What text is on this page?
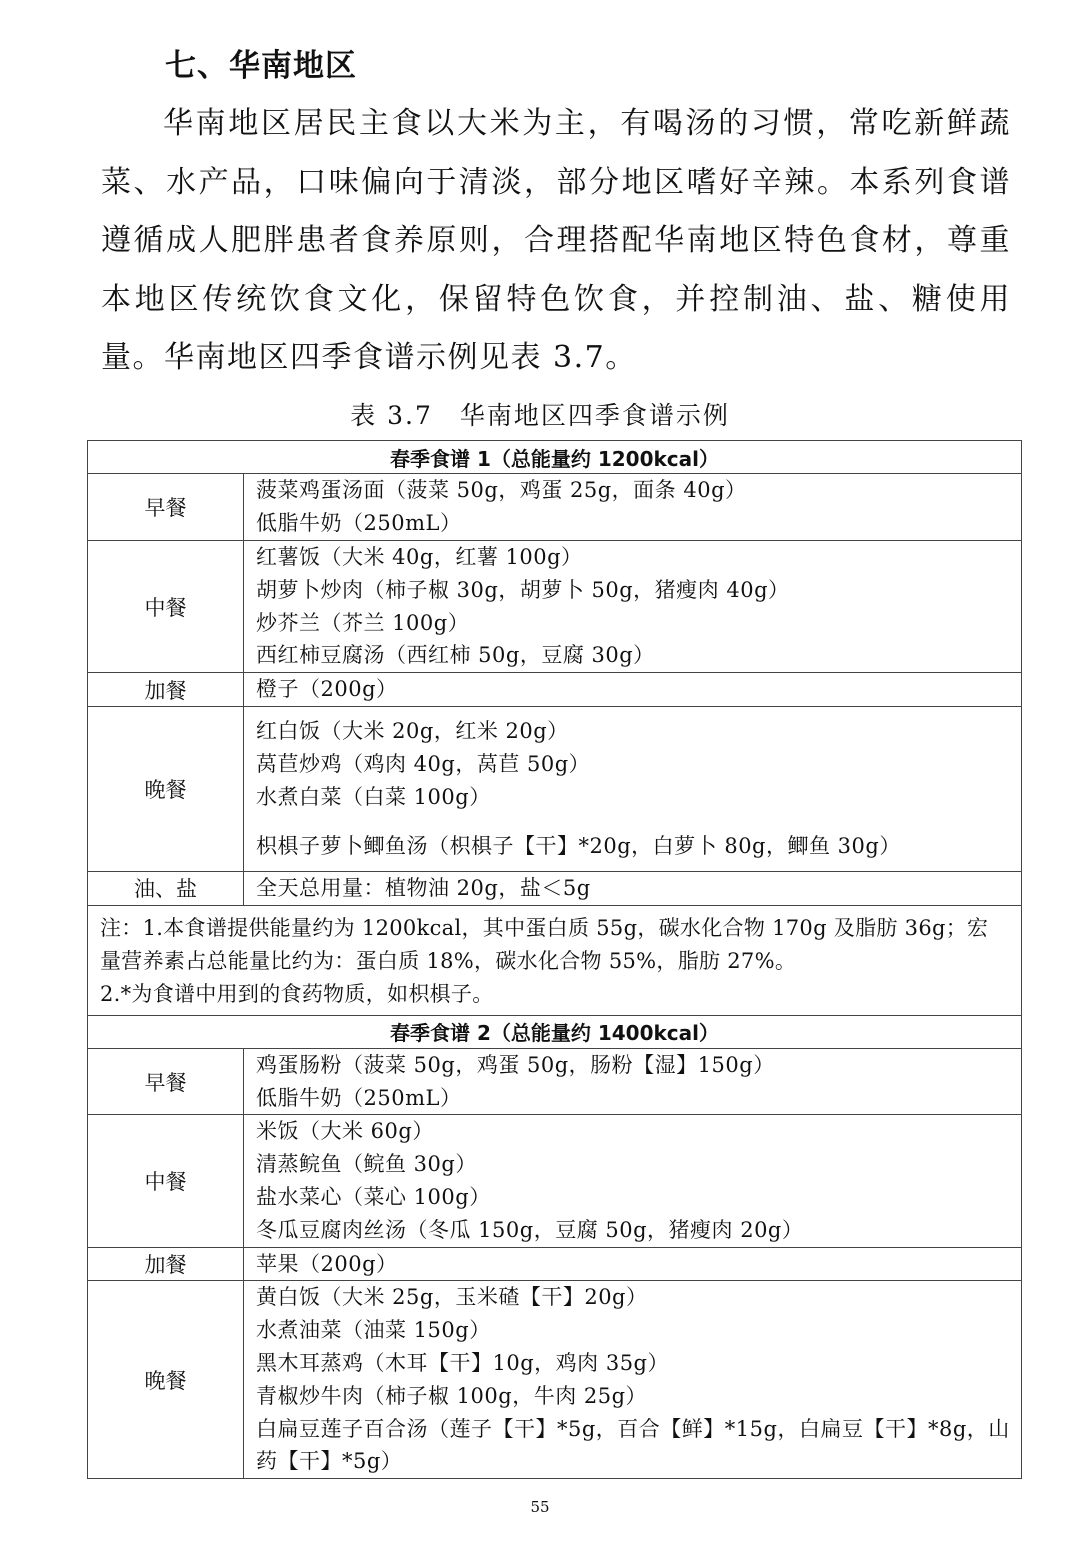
七、华南地区
华南地区居民主食以大米为主，有喝汤的习惯，常吃新鲜蔬菜、水产品，口味偏向于清淡，部分地区嗜好辛辣。本系列食谱遵循成人肥胖患者食养原则，合理搭配华南地区特色食材，尊重本地区传统饮食文化，保留特色饮食，并控制油、盐、糖使用量。华南地区四季食谱示例见表 3.7。
表 3.7　华南地区四季食谱示例
春季食谱 1（总能量约 1200kcal）	
早餐	菠菜鸡蛋汤面（菠菜 50g，鸡蛋 25g，面条 40g）
低脂牛奶（250mL）

中餐	红薯饭（大米 40g，红薯 100g）
胡萝卜炒肉（柿子椒 30g，胡萝卜 50g，猪瘦肉 40g）
炒芥兰（芥兰 100g）
西红柿豆腐汤（西红柿 50g，豆腐 30g）

加餐	橙子（200g）

晚餐	红白饭（大米 20g，红米 20g）
莴苣炒鸡（鸡肉 40g，莴苣 50g）
水煮白菜（白菜 100g）
枳椇子萝卜鲫鱼汤（枳椇子【干】*20g，白萝卜 80g，鲫鱼 30g）

油、盐	全天总用量：植物油 20g，盐＜5g

注：1.本食谱提供能量约为 1200kcal，其中蛋白质 55g，碳水化合物 170g 及脂肪 36g；宏量营养素占总能量比约为：蛋白质 18%，碳水化合物 55%，脂肪 27%。
2.*为食谱中用到的食药物质，如枳椇子。	

春季食谱 2（总能量约 1400kcal）	
早餐	鸡蛋肠粉（菠菜 50g，鸡蛋 50g，肠粉【湿】150g）
低脂牛奶（250mL）

中餐	米饭（大米 60g）
清蒸鲩鱼（鲩鱼 30g）
盐水菜心（菜心 100g）
冬瓜豆腐肉丝汤（冬瓜 150g，豆腐 50g，猪瘦肉 20g）

加餐	苹果（200g）

晚餐	黄白饭（大米 25g，玉米碴【干】20g）
水煮油菜（油菜 150g）
黑木耳蒸鸡（木耳【干】10g，鸡肉 35g）
青椒炒牛肉（柿子椒 100g，牛肉 25g）
白扁豆莲子百合汤（莲子【干】*5g，百合【鲜】*15g，白扁豆【干】*8g，山药【干】*5g）
55
